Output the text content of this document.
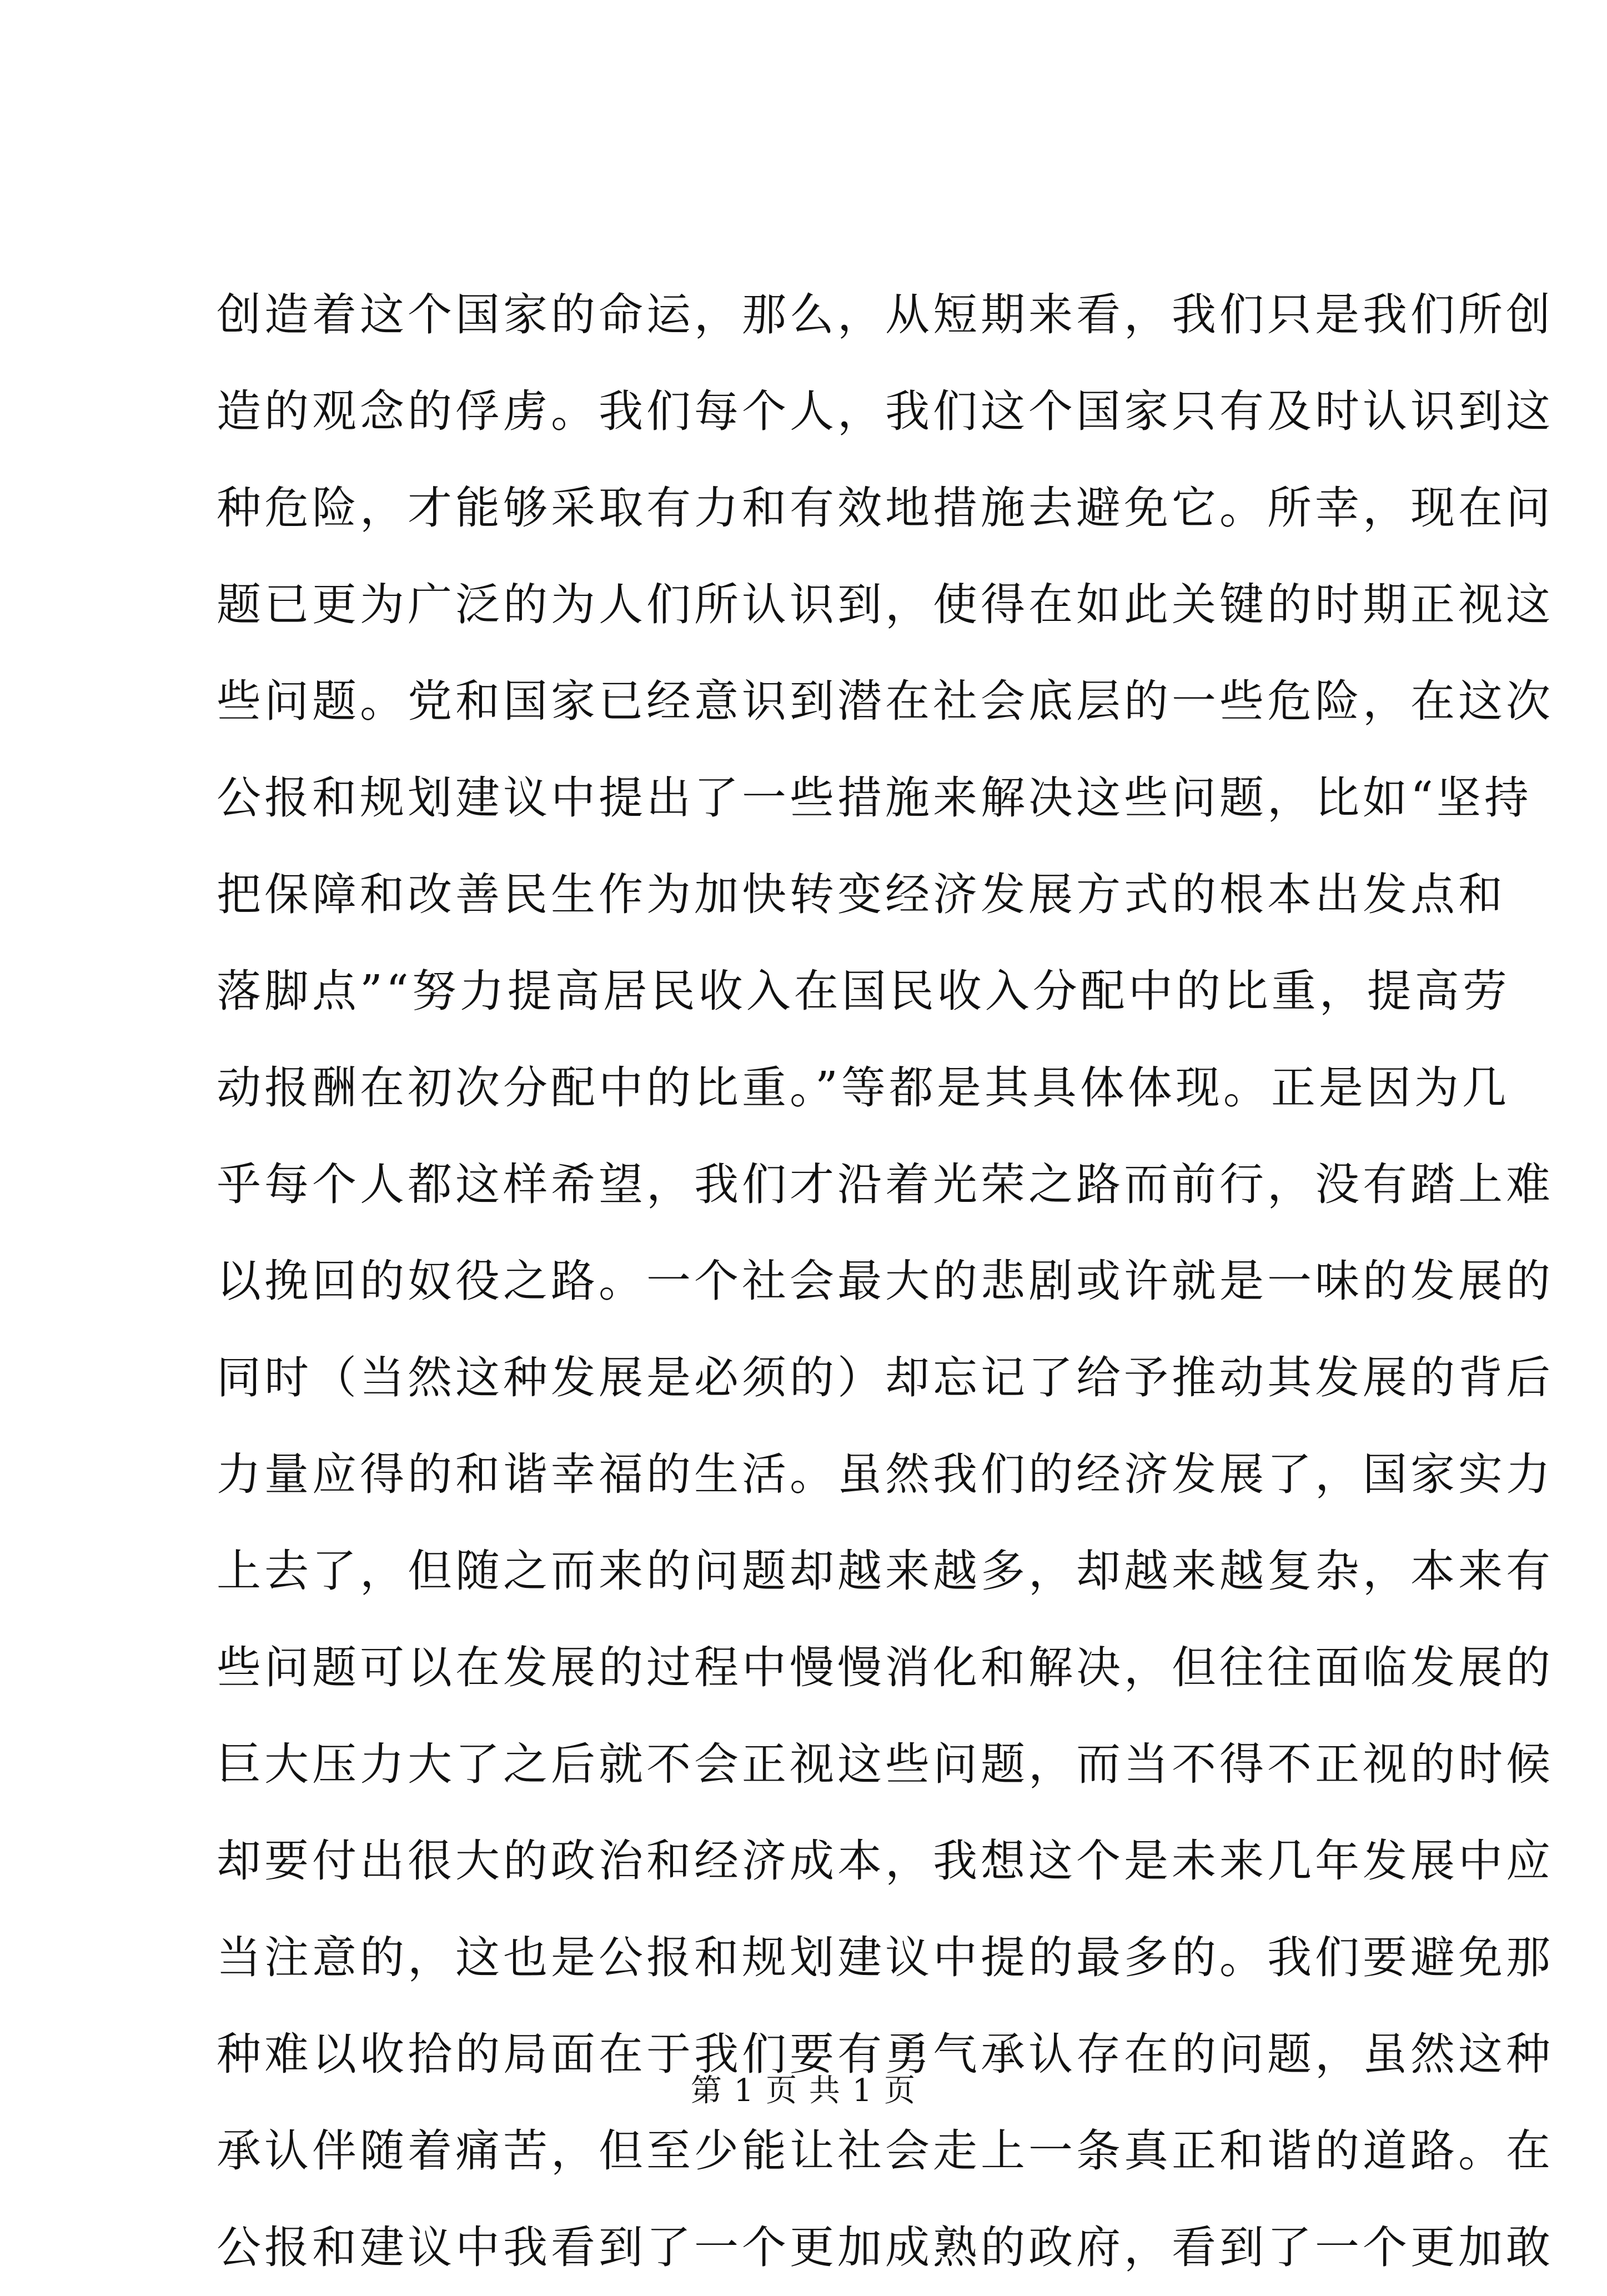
创造着这个国家的命运，那么，从短期来看，我们只是我们所创
造的观念的俘虏。我们每个人，我们这个国家只有及时认识到这
种危险，才能够采取有力和有效地措施去避免它。所幸，现在问
题已更为广泛的为人们所认识到，使得在如此关键的时期正视这
些问题。党和国家已经意识到潜在社会底层的一些危险，在这次
公报和规划建议中提出了一些措施来解决这些问题，比如“坚持
把保障和改善民生作为加快转变经济发展方式的根本出发点和
落脚点”“努力提高居民收入在国民收入分配中的比重，提高劳
动报酬在初次分配中的比重。”等都是其具体体现。正是因为几
乎每个人都这样希望，我们才沿着光荣之路而前行，没有踏上难
以挽回的奴役之路。一个社会最大的悲剧或许就是一味的发展的
同时（当然这种发展是必须的）却忘记了给予推动其发展的背后
力量应得的和谐幸福的生活。虽然我们的经济发展了，国家实力
上去了，但随之而来的问题却越来越多，却越来越复杂，本来有
些问题可以在发展的过程中慢慢消化和解决，但往往面临发展的
巨大压力大了之后就不会正视这些问题，而当不得不正视的时候
却要付出很大的政治和经济成本，我想这个是未来几年发展中应
当注意的，这也是公报和规划建议中提的最多的。我们要避免那
种难以收拾的局面在于我们要有勇气承认存在的问题，虽然这种
承认伴随着痛苦，但至少能让社会走上一条真正和谐的道路。在
公报和建议中我看到了一个更加成熟的政府，看到了一个更加敢
第 1 页 共 1 页
